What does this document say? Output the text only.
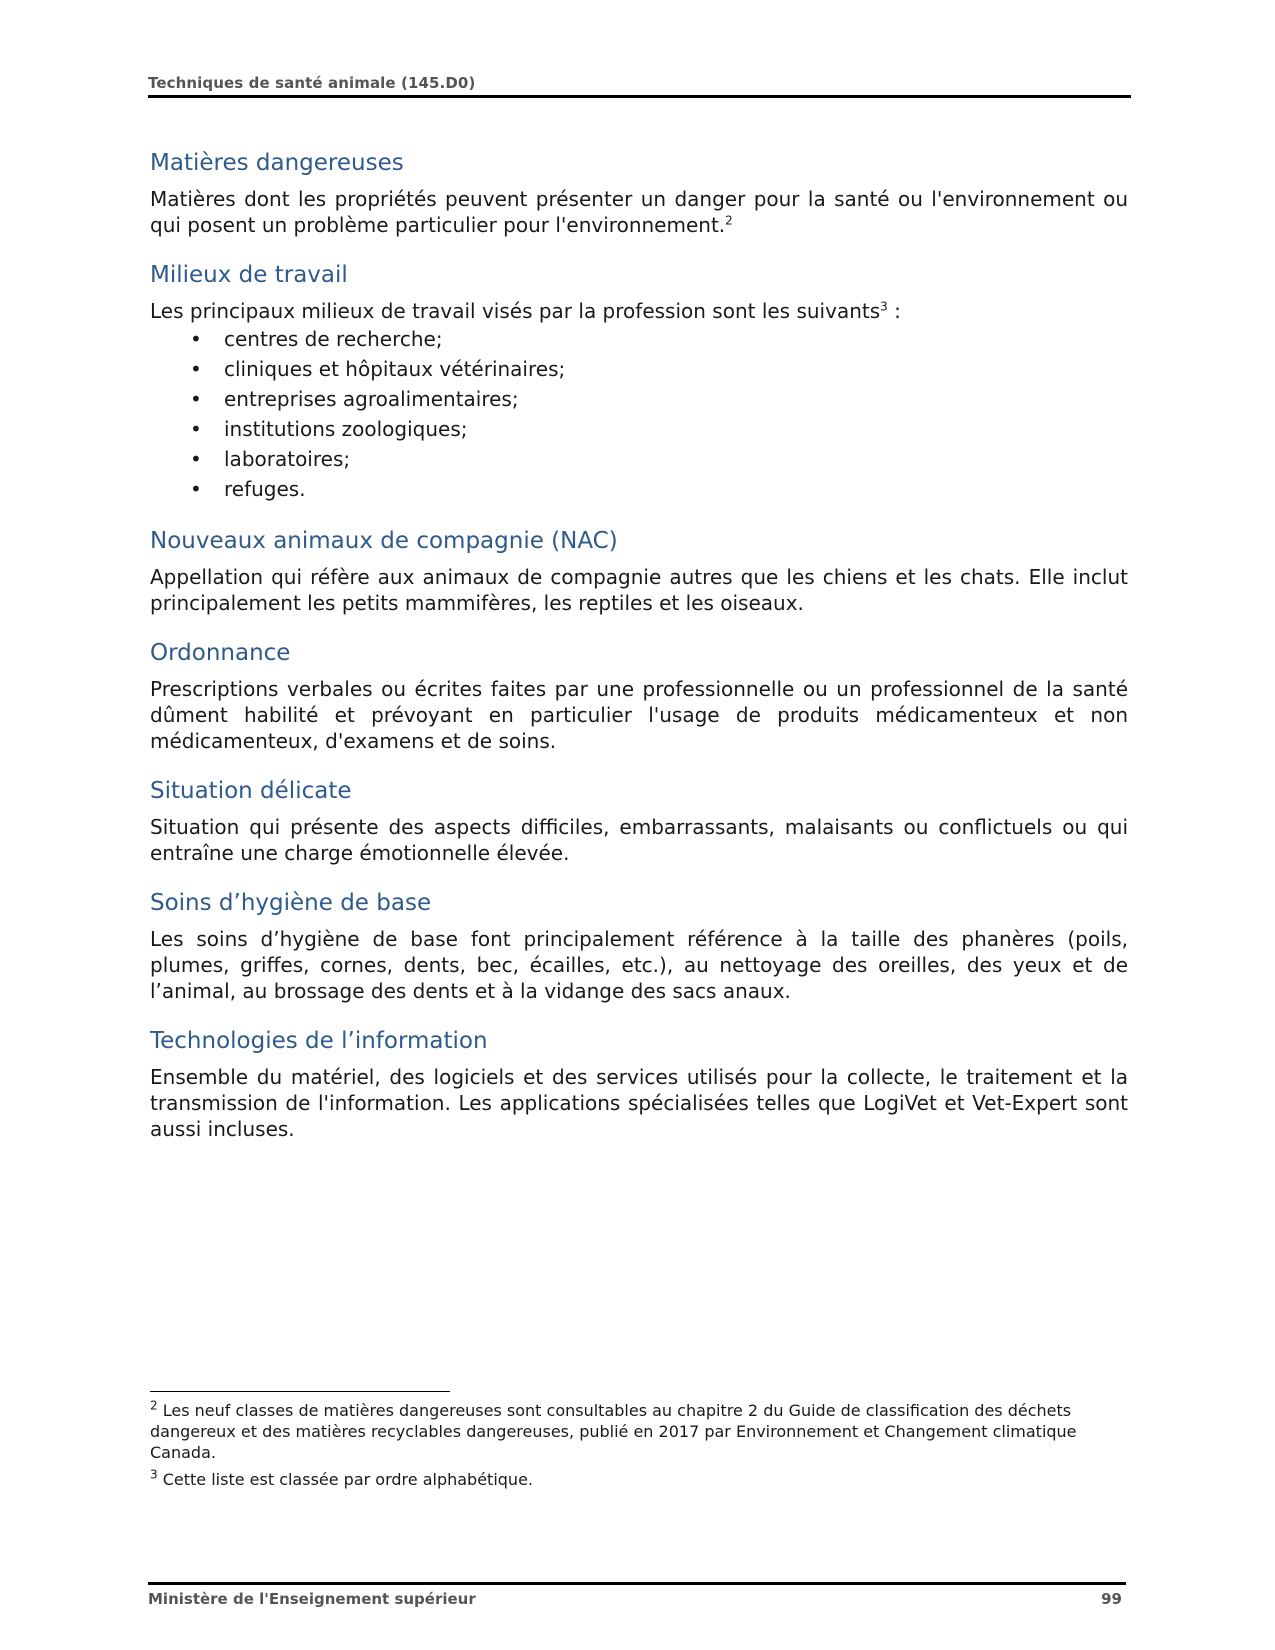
Techniques de santé animale (145.D0)
Matières dangereuses

Matières dont les propriétés peuvent présenter un danger pour la santé ou l'environnement ou qui posent un problème particulier pour l'environnement.$^2$

Milieux de travail

Les principaux milieux de travail visés par la profession sont les suivants$^3$ :

• centres de recherche;
• cliniques et hôpitaux vétérinaires;
• entreprises agroalimentaires;
• institutions zoologiques;
• laboratoires;
• refuges.
Nouveaux animaux de compagnie (NAC)

Appellation qui réfère aux animaux de compagnie autres que les chiens et les chats. Elle inclut principalement les petits mammifères, les reptiles et les oiseaux.

Ordonnance

Prescriptions verbales ou écrites faites par une professionnelle ou un professionnel de la santé dûment habilité et prévoyant en particulier l'usage de produits médicamenteux et non médicamenteux, d'examens et de soins.

Situation délicate

Situation qui présente des aspects difficiles, embarrassants, malaisants ou conflictuels ou qui entraîne une charge émotionnelle élevée.

Soins d’hygiène de base

Les soins d’hygiène de base font principalement référence à la taille des phanères (poils, plumes, griffes, cornes, dents, bec, écailles, etc.), au nettoyage des oreilles, des yeux et de l’animal, au brossage des dents et à la vidange des sacs anaux.

Technologies de l’information

Ensemble du matériel, des logiciels et des services utilisés pour la collecte, le traitement et la transmission de l'information. Les applications spécialisées telles que LogiVet et Vet-Expert sont aussi incluses.

$^2$ Les neuf classes de matières dangereuses sont consultables au chapitre 2 du Guide de classification des déchets dangereux et des matières recyclables dangereuses, publié en 2017 par Environnement et Changement climatique Canada.

$^3$ Cette liste est classée par ordre alphabétique.

Ministère de l'Enseignement supérieur	99
